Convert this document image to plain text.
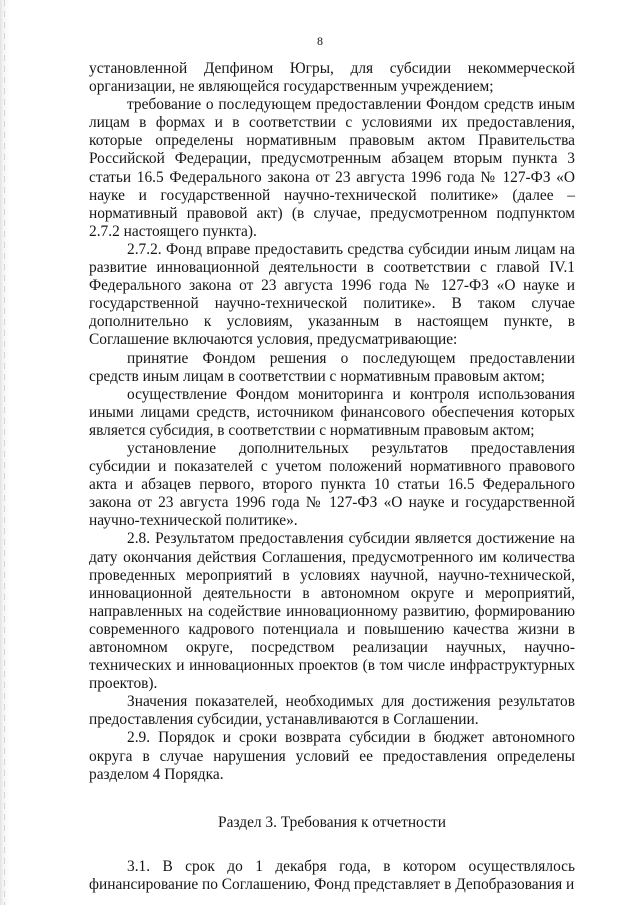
8

установленной Депфином Югры, для субсидии некоммерческой организации, не являющейся государственным учреждением;

требование о последующем предоставлении Фондом средств иным лицам в формах и в соответствии с условиями их предоставления, которые определены нормативным правовым актом Правительства Российской Федерации, предусмотренным абзацем вторым пункта 3 статьи 16.5 Федерального закона от 23 августа 1996 года № 127-ФЗ «О науке и государственной научно-технической политике» (далее – нормативный правовой акт) (в случае, предусмотренном подпунктом 2.7.2 настоящего пункта).

2.7.2. Фонд вправе предоставить средства субсидии иным лицам на развитие инновационной деятельности в соответствии с главой IV.1 Федерального закона от 23 августа 1996 года № 127-ФЗ «О науке и государственной научно-технической политике». В таком случае дополнительно к условиям, указанным в настоящем пункте, в Соглашение включаются условия, предусматривающие:

принятие Фондом решения о последующем предоставлении средств иным лицам в соответствии с нормативным правовым актом;

осуществление Фондом мониторинга и контроля использования иными лицами средств, источником финансового обеспечения которых является субсидия, в соответствии с нормативным правовым актом;

установление дополнительных результатов предоставления субсидии и показателей с учетом положений нормативного правового акта и абзацев первого, второго пункта 10 статьи 16.5 Федерального закона от 23 августа 1996 года № 127-ФЗ «О науке и государственной научно-технической политике».

2.8. Результатом предоставления субсидии является достижение на дату окончания действия Соглашения, предусмотренного им количества проведенных мероприятий в условиях научной, научно-технической, инновационной деятельности в автономном округе и мероприятий, направленных на содействие инновационному развитию, формированию современного кадрового потенциала и повышению качества жизни в автономном округе, посредством реализации научных, научно-технических и инновационных проектов (в том числе инфраструктурных проектов).

Значения показателей, необходимых для достижения результатов предоставления субсидии, устанавливаются в Соглашении.

2.9. Порядок и сроки возврата субсидии в бюджет автономного округа в случае нарушения условий ее предоставления определены разделом 4 Порядка.

Раздел 3. Требования к отчетности

3.1. В срок до 1 декабря года, в котором осуществлялось финансирование по Соглашению, Фонд представляет в Депобразования и
